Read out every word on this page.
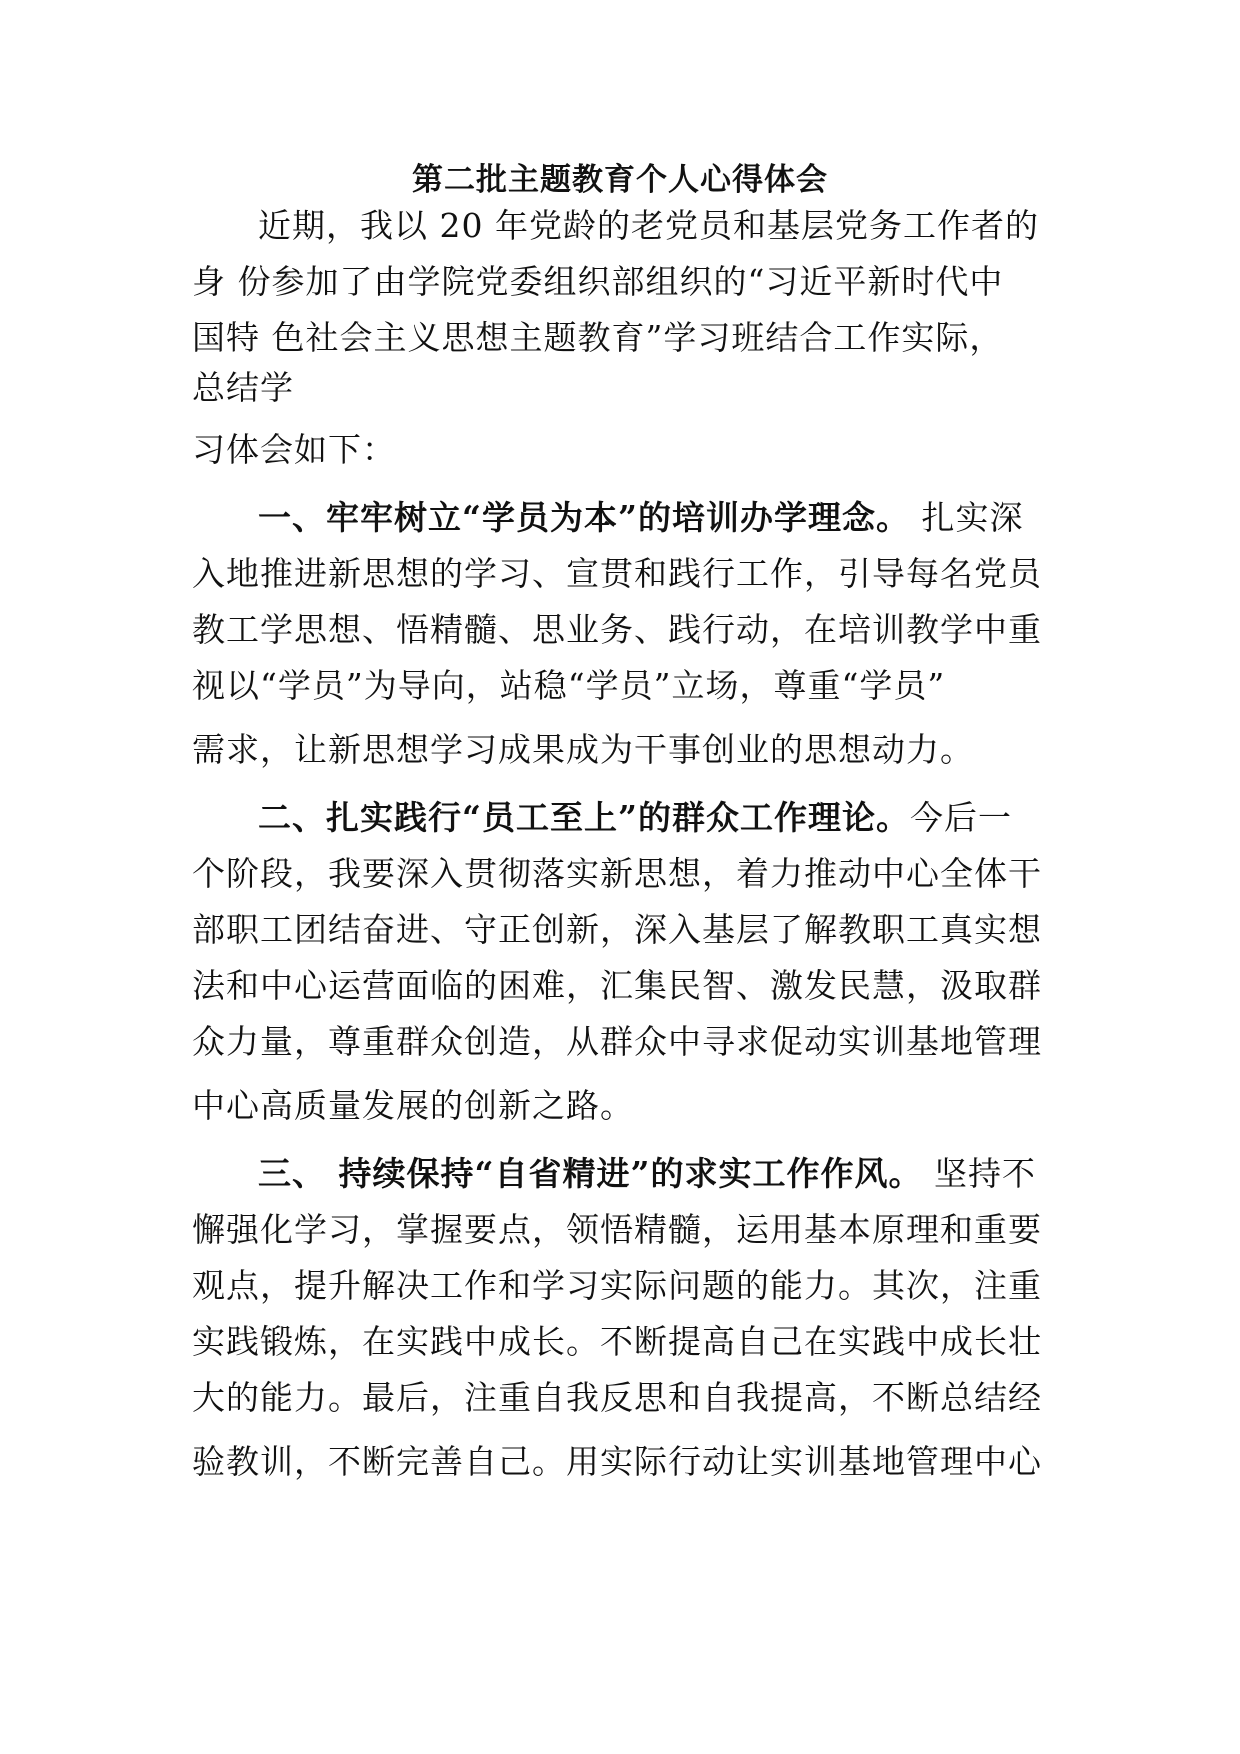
第二批主题教育个人心得体会

近期，我以 20 年党龄的老党员和基层党务工作者的

身 份参加了由学院党委组织部组织的“习近平新时代中

国特 色社会主义思想主题教育”学习班结合工作实际，

总结学

习体会如下：

一、牢牢树立“学员为本”的培训办学理念。 扎实深

入地推进新思想的学习、宣贯和践行工作，引导每名党员

教工学思想、悟精髓、思业务、践行动，在培训教学中重

视以“学员”为导向，站稳“学员”立场，尊重“学员”

需求，让新思想学习成果成为干事创业的思想动力。

二、扎实践行“员工至上”的群众工作理论。今后一

个阶段，我要深入贯彻落实新思想，着力推动中心全体干

部职工团结奋进、守正创新，深入基层了解教职工真实想

法和中心运营面临的困难，汇集民智、激发民慧，汲取群

众力量，尊重群众创造，从群众中寻求促动实训基地管理

中心高质量发展的创新之路。

三、 持续保持“自省精进”的求实工作作风。 坚持不

懈强化学习，掌握要点，领悟精髓，运用基本原理和重要

观点，提升解决工作和学习实际问题的能力。其次，注重

实践锻炼，在实践中成长。不断提高自己在实践中成长壮

大的能力。最后，注重自我反思和自我提高，不断总结经

验教训，不断完善自己。用实际行动让实训基地管理中心
